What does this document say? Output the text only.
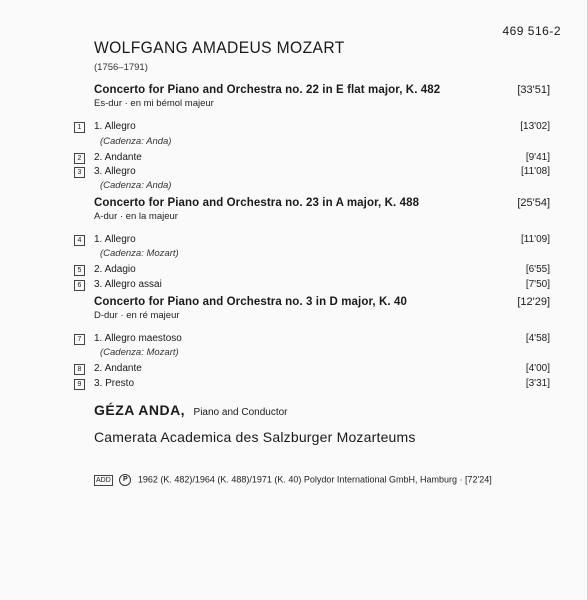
469 516-2
WOLFGANG AMADEUS MOZART
(1756–1791)
Concerto for Piano and Orchestra no. 22 in E flat major, K. 482	[33'51]
Es-dur · en mi bémol majeur
1	1. Allegro	[13'02]
(Cadenza: Anda)
2	2. Andante	[9'41]
3	3. Allegro	[11'08]
(Cadenza: Anda)
Concerto for Piano and Orchestra no. 23 in A major, K. 488	[25'54]
A-dur · en la majeur
4	1. Allegro	[11'09]
(Cadenza: Mozart)
5	2. Adagio	[6'55]
6	3. Allegro assai	[7'50]
Concerto for Piano and Orchestra no. 3 in D major, K. 40	[12'29]
D-dur · en ré majeur
7	1. Allegro maestoso	[4'58]
(Cadenza: Mozart)
8	2. Andante	[4'00]
9	3. Presto	[3'31]
GÉZA ANDA, Piano and Conductor
Camerata Academica des Salzburger Mozarteums
ADD P 1962 (K. 482)/1964 (K. 488)/1971 (K. 40) Polydor International GmbH, Hamburg · [72'24]
